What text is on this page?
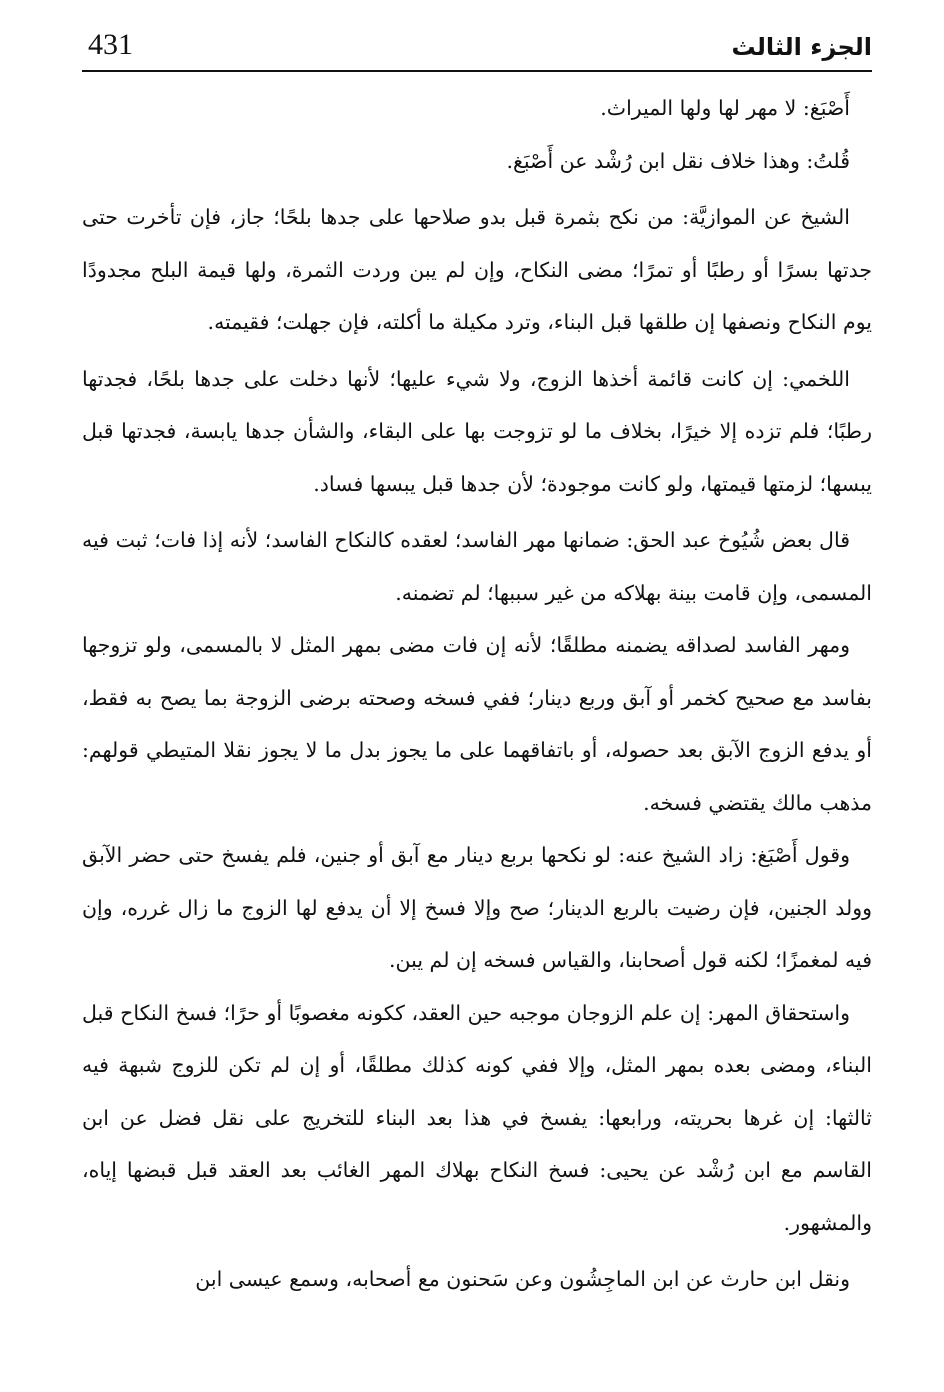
431	الجزء الثالث

أَصْبَغ: لا مهر لها ولها الميراث.

قُلتُ: وهذا خلاف نقل ابن رُشْد عن أَصْبَغ.

الشيخ عن الموازيَّة: من نكح بثمرة قبل بدو صلاحها على جدها بلحًا؛ جاز، فإن تأخرت حتى جدتها بسرًا أو رطبًا أو تمرًا؛ مضى النكاح، وإن لم يبن وردت الثمرة، ولها قيمة البلح مجدودًا يوم النكاح ونصفها إن طلقها قبل البناء، وترد مكيلة ما أكلته، فإن جهلت؛ فقيمته.

اللخمي: إن كانت قائمة أخذها الزوج، ولا شيء عليها؛ لأنها دخلت على جدها بلحًا، فجدتها رطبًا؛ فلم تزده إلا خيرًا، بخلاف ما لو تزوجت بها على البقاء، والشأن جدها يابسة، فجدتها قبل يبسها؛ لزمتها قيمتها، ولو كانت موجودة؛ لأن جدها قبل يبسها فساد.

قال بعض شُيُوخ عبد الحق: ضمانها مهر الفاسد؛ لعقده كالنكاح الفاسد؛ لأنه إذا فات؛ ثبت فيه المسمى، وإن قامت بينة بهلاكه من غير سببها؛ لم تضمنه.

ومهر الفاسد لصداقه يضمنه مطلقًا؛ لأنه إن فات مضى بمهر المثل لا بالمسمى، ولو تزوجها بفاسد مع صحيح كخمر أو آبق وربع دينار؛ ففي فسخه وصحته برضى الزوجة بما يصح به فقط، أو يدفع الزوج الآبق بعد حصوله، أو باتفاقهما على ما يجوز بدل ما لا يجوز نقلا المتيطي قولهم: مذهب مالك يقتضي فسخه.

وقول أَصْبَغ: زاد الشيخ عنه: لو نكحها بربع دينار مع آبق أو جنين، فلم يفسخ حتى حضر الآبق وولد الجنين، فإن رضيت بالربع الدينار؛ صح وإلا فسخ إلا أن يدفع لها الزوج ما زال غرره، وإن فيه لمغمزًا؛ لكنه قول أصحابنا، والقياس فسخه إن لم يبن.

واستحقاق المهر: إن علم الزوجان موجبه حين العقد، ككونه مغصوبًا أو حرًا؛ فسخ النكاح قبل البناء، ومضى بعده بمهر المثل، وإلا ففي كونه كذلك مطلقًا، أو إن لم تكن للزوج شبهة فيه ثالثها: إن غرها بحريته، ورابعها: يفسخ في هذا بعد البناء للتخريج على نقل فضل عن ابن القاسم مع ابن رُشْد عن يحيى: فسخ النكاح بهلاك المهر الغائب بعد العقد قبل قبضها إياه، والمشهور.

ونقل ابن حارث عن ابن الماجِشُون وعن سَحنون مع أصحابه، وسمع عيسى ابن
